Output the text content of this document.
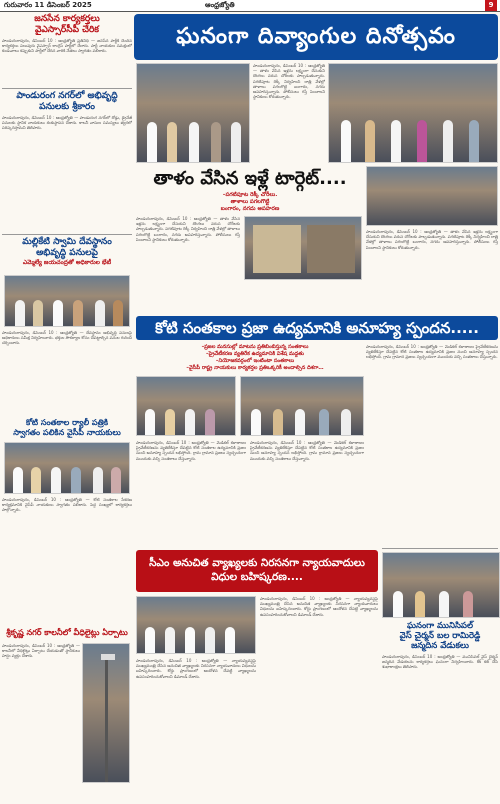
గురువారం 11 డిసెంబర్ 2025	ఆంధ్రజ్యోతి	9
జనసేన కార్యకర్తలు
వైఎస్సార్‌సీపీ చేరిక
పాండురంగాపురం, డిసెంబర్ 10 : ఆంధ్రజ్యోతి ప్రతినిధి — జనసేన పార్టీకి చెందిన కార్యకర్తలు పలువురు వైఎస్సార్ కాంగ్రెస్ పార్టీలో చేరారు. పార్టీ నాయకుల సమక్షంలో కండువాలు కప్పుకుని పార్టీలో చేరిన వారికి నేతలు స్వాగతం పలికారు.
పాండురంగ నగర్‌లో అభివృద్ధి
పనులకు శ్రీకారం
పాండురంగాపురం, డిసెంబర్ 10 : ఆంధ్రజ్యోతి — పాండురంగ నగర్‌లో రోడ్లు, డ్రైనేజీ పనులకు స్థానిక నాయకులు శంకుస్థాపన చేశారు. కాలనీ వాసుల సమస్యలు త్వరలో పరిష్కరిస్తామని తెలిపారు.
మల్లికేటి స్వామి దేవస్థానం
అభివృద్ధి పనులపై
ఎమ్మెల్యే జయచంద్రతో అధికారుల భేటీ
పాండురంగాపురం, డిసెంబర్ 10 : ఆంధ్రజ్యోతి — దేవస్థానం అభివృద్ధి పనులపై అధికారులు సమీక్ష నిర్వహించారు. భక్తుల సౌకర్యాల కోసం చేపట్టాల్సిన పనుల గురించి చర్చించారు.
కోటి సంతకాల ర్యాలీ పత్రికి
స్వాగతం పలికిన వైసీపీ నాయకులు
పాండురంగాపురం, డిసెంబర్ 10 : ఆంధ్రజ్యోతి — కోటి సంతకాల సేకరణ కార్యక్రమానికి వైసీపీ నాయకులు స్వాగతం పలికారు. పెద్ద సంఖ్యలో కార్యకర్తలు పాల్గొన్నారు.
శ్రీకృష్ణ నగర్ కాలనీలో వీధిలైట్లు ఏర్పాటు
పాండురంగాపురం, డిసెంబర్ 10 : ఆంధ్రజ్యోతి — కాలనీలో వీధిలైట్లు ఏర్పాటు చేయడంతో స్థానికులు హర్షం వ్యక్తం చేశారు.
ఘనంగా దివ్యాంగుల దినోత్సవం
పాండురంగాపురం, డిసెంబర్ 10 : ఆంధ్రజ్యోతి — తాళం వేసిన ఇళ్లను లక్ష్యంగా చేసుకుని దొంగలు వరుస చోరీలకు పాల్పడుతున్నారు. పగటిపూట రెక్కీ నిర్వహించి రాత్రి వేళల్లో తాళాలు పగలగొట్టి బంగారం, నగదు అపహరిస్తున్నారు. పోలీసులు గస్తీ పెంచాలని స్థానికులు కోరుతున్నారు.
తాళం వేసిన ఇళ్లే టార్గెట్....
–పగటిపూట రెక్కీ చోరీలు.
తాళాలు పగలగొట్టి
బంగారం, నగదు అపహరణ
పాండురంగాపురం, డిసెంబర్ 10 : ఆంధ్రజ్యోతి — తాళం వేసిన ఇళ్లను లక్ష్యంగా చేసుకుని దొంగలు వరుస చోరీలకు పాల్పడుతున్నారు. పగటిపూట రెక్కీ నిర్వహించి రాత్రి వేళల్లో తాళాలు పగలగొట్టి బంగారం, నగదు అపహరిస్తున్నారు. పోలీసులు గస్తీ పెంచాలని స్థానికులు కోరుతున్నారు.
పాండురంగాపురం, డిసెంబర్ 10 : ఆంధ్రజ్యోతి — తాళం వేసిన ఇళ్లను లక్ష్యంగా చేసుకుని దొంగలు వరుస చోరీలకు పాల్పడుతున్నారు. పగటిపూట రెక్కీ నిర్వహించి రాత్రి వేళల్లో తాళాలు పగలగొట్టి బంగారం, నగదు అపహరిస్తున్నారు. పోలీసులు గస్తీ పెంచాలని స్థానికులు కోరుతున్నారు.
కోటి సంతకాల ప్రజా ఉద్యమానికి అనూహ్య స్పందన.....
–ప్రజల మనసుల్లో మాటను ప్రతిబింబిస్తున్న సంతకాలు
–ప్రైవేటీకరణ వ్యతిరేక ఉద్యమానికి విశేష మద్దతు
–నియోజకవర్గంలో ఇంటింటా సంతకాలు
–వైసీపీ రాష్ట్ర నాయకులు కార్యకర్తల ప్రతిఒక్కరికీ అందాల్సిన దిశగా…
పాండురంగాపురం, డిసెంబర్ 10 : ఆంధ్రజ్యోతి — మెడికల్ కళాశాలల ప్రైవేటీకరణను వ్యతిరేకిస్తూ చేపట్టిన కోటి సంతకాల ఉద్యమానికి ప్రజల నుంచి అనూహ్య స్పందన లభిస్తోంది. గ్రామ గ్రామాన ప్రజలు స్వచ్ఛందంగా ముందుకు వచ్చి సంతకాలు చేస్తున్నారు.
పాండురంగాపురం, డిసెంబర్ 10 : ఆంధ్రజ్యోతి — మెడికల్ కళాశాలల ప్రైవేటీకరణను వ్యతిరేకిస్తూ చేపట్టిన కోటి సంతకాల ఉద్యమానికి ప్రజల నుంచి అనూహ్య స్పందన లభిస్తోంది. గ్రామ గ్రామాన ప్రజలు స్వచ్ఛందంగా ముందుకు వచ్చి సంతకాలు చేస్తున్నారు.
పాండురంగాపురం, డిసెంబర్ 10 : ఆంధ్రజ్యోతి — మెడికల్ కళాశాలల ప్రైవేటీకరణను వ్యతిరేకిస్తూ చేపట్టిన కోటి సంతకాల ఉద్యమానికి ప్రజల నుంచి అనూహ్య స్పందన లభిస్తోంది. గ్రామ గ్రామాన ప్రజలు స్వచ్ఛందంగా ముందుకు వచ్చి సంతకాలు చేస్తున్నారు.
సీఎం అనుచిత వ్యాఖ్యలకు నిరసనగా న్యాయవాదులు
విధుల బహిష్కరణ....
పాండురంగాపురం, డిసెంబర్ 10 : ఆంధ్రజ్యోతి — న్యాయవ్యవస్థపై ముఖ్యమంత్రి చేసిన అనుచిత వ్యాఖ్యలకు నిరసనగా న్యాయవాదులు విధులను బహిష్కరించారు. కోర్టు ప్రాంగణంలో ఆందోళన చేపట్టి వ్యాఖ్యలను ఉపసంహరించుకోవాలని డిమాండ్ చేశారు.
పాండురంగాపురం, డిసెంబర్ 10 : ఆంధ్రజ్యోతి — న్యాయవ్యవస్థపై ముఖ్యమంత్రి చేసిన అనుచిత వ్యాఖ్యలకు నిరసనగా న్యాయవాదులు విధులను బహిష్కరించారు. కోర్టు ప్రాంగణంలో ఆందోళన చేపట్టి వ్యాఖ్యలను ఉపసంహరించుకోవాలని డిమాండ్ చేశారు.
ఘనంగా మునిసిపల్
వైస్ చైర్మన్ బల రామిరెడ్డి
జన్మదిన వేడుకలు
పాండురంగాపురం, డిసెంబర్ 10 : ఆంధ్రజ్యోతి — మునిసిపల్ వైస్ చైర్మన్ జన్మదిన వేడుకలను కార్యకర్తలు ఘనంగా నిర్వహించారు. కేక్ కట్ చేసి శుభాకాంక్షలు తెలిపారు.
